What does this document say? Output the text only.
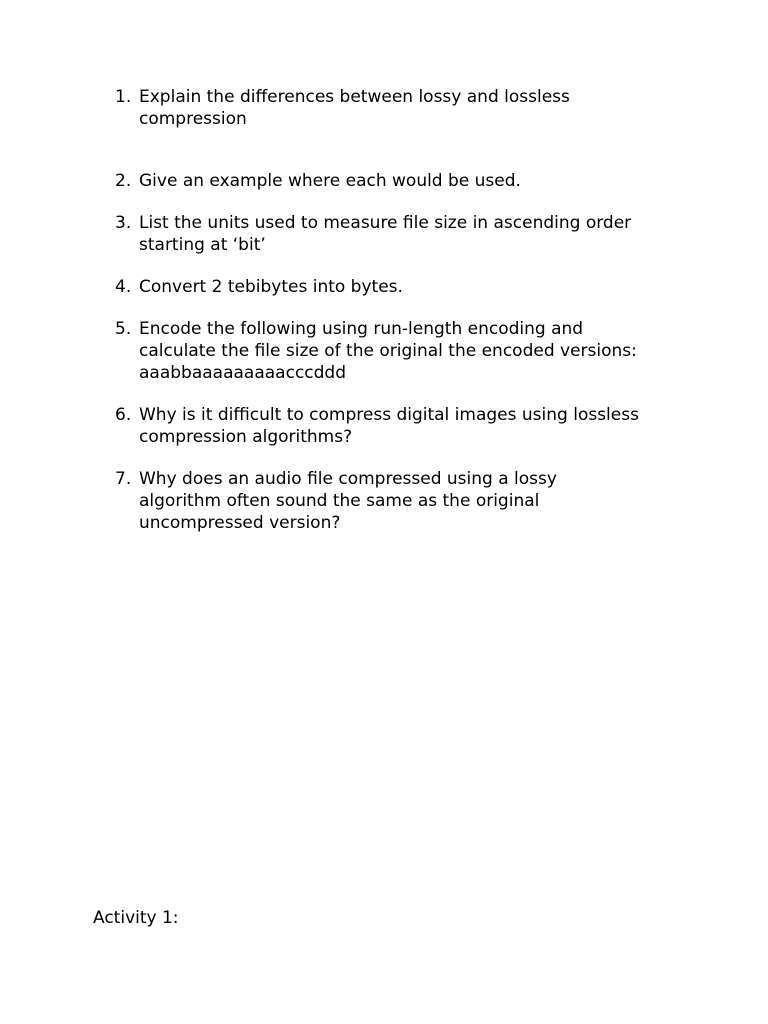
1. Explain the differences between lossy and lossless
compression
2. Give an example where each would be used.
3. List the units used to measure file size in ascending order
starting at ‘bit’
4. Convert 2 tebibytes into bytes.
5. Encode the following using run-length encoding and
calculate the file size of the original the encoded versions:
aaabbaaaaaaaaacccddd
6. Why is it difficult to compress digital images using lossless
compression algorithms?
7. Why does an audio file compressed using a lossy
algorithm often sound the same as the original
uncompressed version?
Activity 1:
